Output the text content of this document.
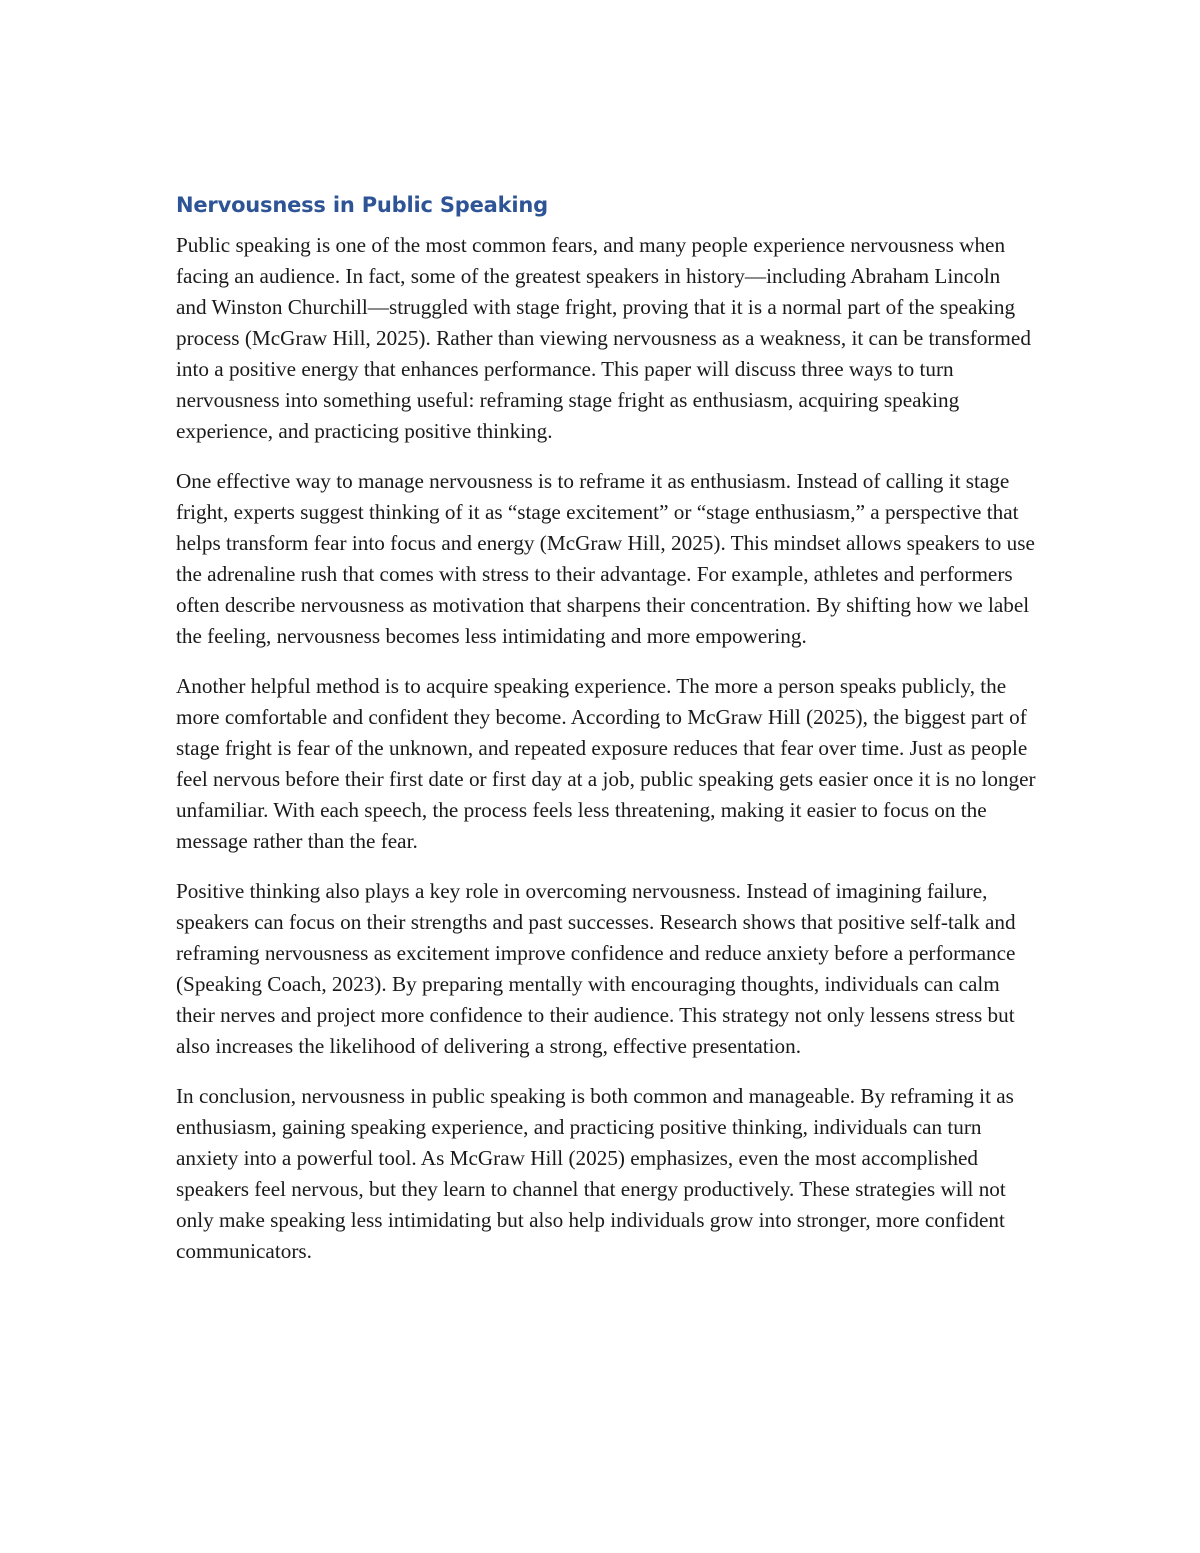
Nervousness in Public Speaking

Public speaking is one of the most common fears, and many people experience nervousness when facing an audience. In fact, some of the greatest speakers in history—including Abraham Lincoln and Winston Churchill—struggled with stage fright, proving that it is a normal part of the speaking process (McGraw Hill, 2025). Rather than viewing nervousness as a weakness, it can be transformed into a positive energy that enhances performance. This paper will discuss three ways to turn nervousness into something useful: reframing stage fright as enthusiasm, acquiring speaking experience, and practicing positive thinking.

One effective way to manage nervousness is to reframe it as enthusiasm. Instead of calling it stage fright, experts suggest thinking of it as “stage excitement” or “stage enthusiasm,” a perspective that helps transform fear into focus and energy (McGraw Hill, 2025). This mindset allows speakers to use the adrenaline rush that comes with stress to their advantage. For example, athletes and performers often describe nervousness as motivation that sharpens their concentration. By shifting how we label the feeling, nervousness becomes less intimidating and more empowering.

Another helpful method is to acquire speaking experience. The more a person speaks publicly, the more comfortable and confident they become. According to McGraw Hill (2025), the biggest part of stage fright is fear of the unknown, and repeated exposure reduces that fear over time. Just as people feel nervous before their first date or first day at a job, public speaking gets easier once it is no longer unfamiliar. With each speech, the process feels less threatening, making it easier to focus on the message rather than the fear.

Positive thinking also plays a key role in overcoming nervousness. Instead of imagining failure, speakers can focus on their strengths and past successes. Research shows that positive self-talk and reframing nervousness as excitement improve confidence and reduce anxiety before a performance (Speaking Coach, 2023). By preparing mentally with encouraging thoughts, individuals can calm their nerves and project more confidence to their audience. This strategy not only lessens stress but also increases the likelihood of delivering a strong, effective presentation.

In conclusion, nervousness in public speaking is both common and manageable. By reframing it as enthusiasm, gaining speaking experience, and practicing positive thinking, individuals can turn anxiety into a powerful tool. As McGraw Hill (2025) emphasizes, even the most accomplished speakers feel nervous, but they learn to channel that energy productively. These strategies will not only make speaking less intimidating but also help individuals grow into stronger, more confident communicators.
